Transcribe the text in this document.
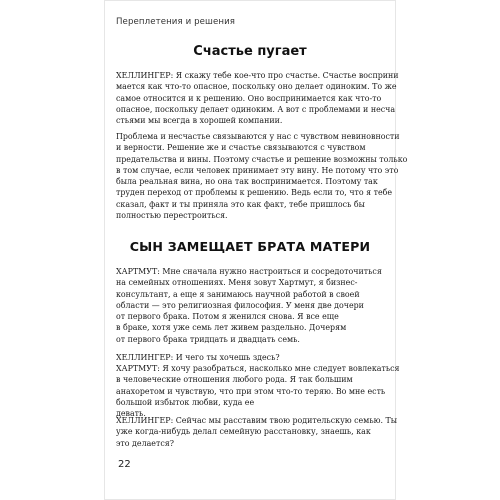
Переплетения и решения
Счастье пугает
ХЕЛЛИНГЕР: Я скажу тебе кое-что про счастье. Счастье восприни
мается как что-то опасное, поскольку оно делает одиноким. То же
самое относится и к решению. Оно воспринимается как что-то
опасное, поскольку делает одиноким. А вот с проблемами и несча
стьями мы всегда в хорошей компании.
Проблема и несчастье связываются у нас с чувством невиновности
и верности. Решение же и счастье связываются с чувством
предательства и вины. Поэтому счастье и решение возможны только
в том случае, если человек принимает эту вину. Не потому что это
была реальная вина, но она так воспринимается. Поэтому так
труден переход от проблемы к решению. Ведь если то, что я тебе
сказал, факт и ты приняла это как факт, тебе пришлось бы
полностью перестроиться.
СЫН ЗАМЕЩАЕТ БРАТА МАТЕРИ
ХАРТМУТ: Мне сначала нужно настроиться и сосредоточиться
на семейных отношениях. Меня зовут Хартмут, я бизнес-
консультант, а еще я занимаюсь научной работой в своей
области — это религиозная философия. У меня две дочери
от первого брака. Потом я женился снова. Я все еще
в браке, хотя уже семь лет живем раздельно. Дочерям
от первого брака тридцать и двадцать семь.
ХЕЛЛИНГЕР: И чего ты хочешь здесь?
ХАРТМУТ: Я хочу разобраться, насколько мне следует вовлекаться
в человеческие отношения любого рода. Я так большим
анахоретом и чувствую, что при этом что-то теряю. Во мне есть
большой избыток любви, куда ее
девать.
ХЕЛЛИНГЕР: Сейчас мы расставим твою родительскую семью. Ты
уже когда-нибудь делал семейную расстановку, знаешь, как
это делается?
22
